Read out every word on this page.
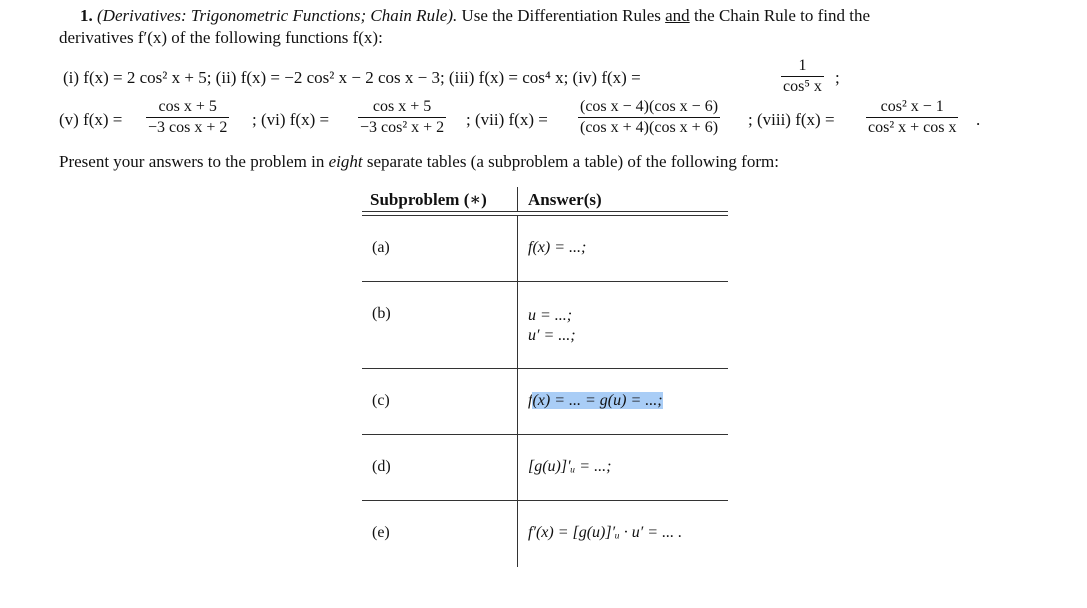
1. (Derivatives: Trigonometric Functions; Chain Rule). Use the Differentiation Rules and the Chain Rule to find the
derivatives f′(x) of the following functions f(x):
(i) f(x) = 2 cos² x + 5; (ii) f(x) = −2 cos² x − 2 cos x − 3; (iii) f(x) = cos⁴ x; (iv) f(x) =	$\frac{1}{\text{cos⁵ x}}$ ;
(v) $f(x) = \frac{\text{cos x + 5}}{\text{−3 cos x + 2}}$ ; (vi) $f(x) = \frac{\text{cos x + 5}}{\text{−3 cos² x + 2}}$ ; (vii) $f(x) = \frac{\text{(cos x − 4)(cos x − 6)}}{\text{(cos x + 4)(cos x + 6)}}$ ; (viii) $f(x) = \frac{\text{cos² x − 1}}{\text{cos² x + cos x}}$ .
Present your answers to the problem in eight separate tables (a subproblem a table) of the following form:
Subproblem (∗) Answer(s)
(a)	f(x) = ...;
(b)	u = ...;
u′ = ...;
(c)	f(x) = ... = g(u) = ...;
(d)	[g(u)]′ᵤ = ...;
(e)	f′(x) = [g(u)]′ᵤ · u′ = ... .
